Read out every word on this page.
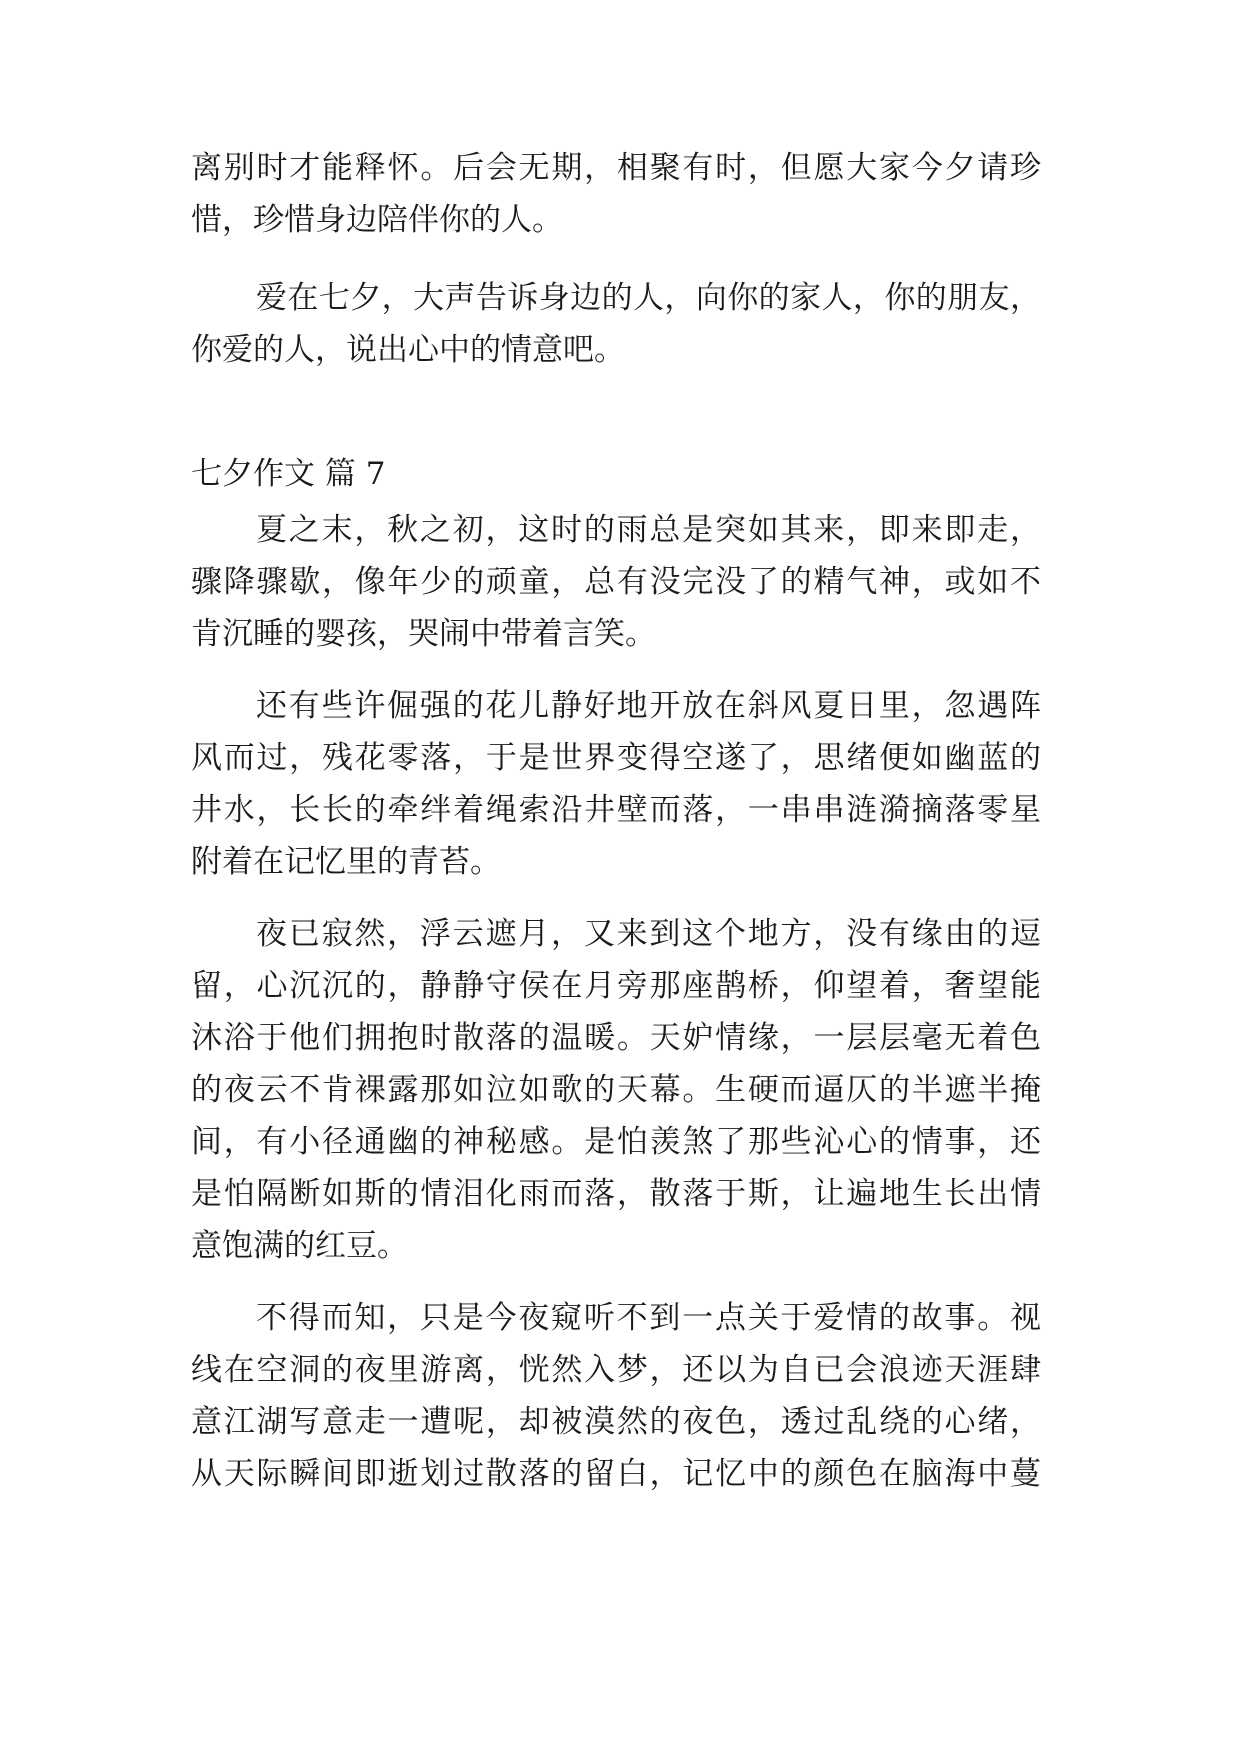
离别时才能释怀。后会无期，相聚有时，但愿大家今夕请珍
惜，珍惜身边陪伴你的人。
爱在七夕，大声告诉身边的人，向你的家人，你的朋友，
你爱的人，说出心中的情意吧。
七夕作文 篇 7
夏之末，秋之初，这时的雨总是突如其来，即来即走，
骤降骤歇，像年少的顽童，总有没完没了的精气神，或如不
肯沉睡的婴孩，哭闹中带着言笑。
还有些许倔强的花儿静好地开放在斜风夏日里，忽遇阵
风而过，残花零落，于是世界变得空遂了，思绪便如幽蓝的
井水，长长的牵绊着绳索沿井壁而落，一串串涟漪摘落零星
附着在记忆里的青苔。
夜已寂然，浮云遮月，又来到这个地方，没有缘由的逗
留，心沉沉的，静静守侯在月旁那座鹊桥，仰望着，奢望能
沐浴于他们拥抱时散落的温暖。天妒情缘，一层层毫无着色
的夜云不肯裸露那如泣如歌的天幕。生硬而逼仄的半遮半掩
间，有小径通幽的神秘感。是怕羡煞了那些沁心的情事，还
是怕隔断如斯的情泪化雨而落，散落于斯，让遍地生长出情
意饱满的红豆。
不得而知，只是今夜窥听不到一点关于爱情的故事。视
线在空洞的夜里游离，恍然入梦，还以为自已会浪迹天涯肆
意江湖写意走一遭呢，却被漠然的夜色，透过乱绕的心绪，
从天际瞬间即逝划过散落的留白，记忆中的颜色在脑海中蔓
